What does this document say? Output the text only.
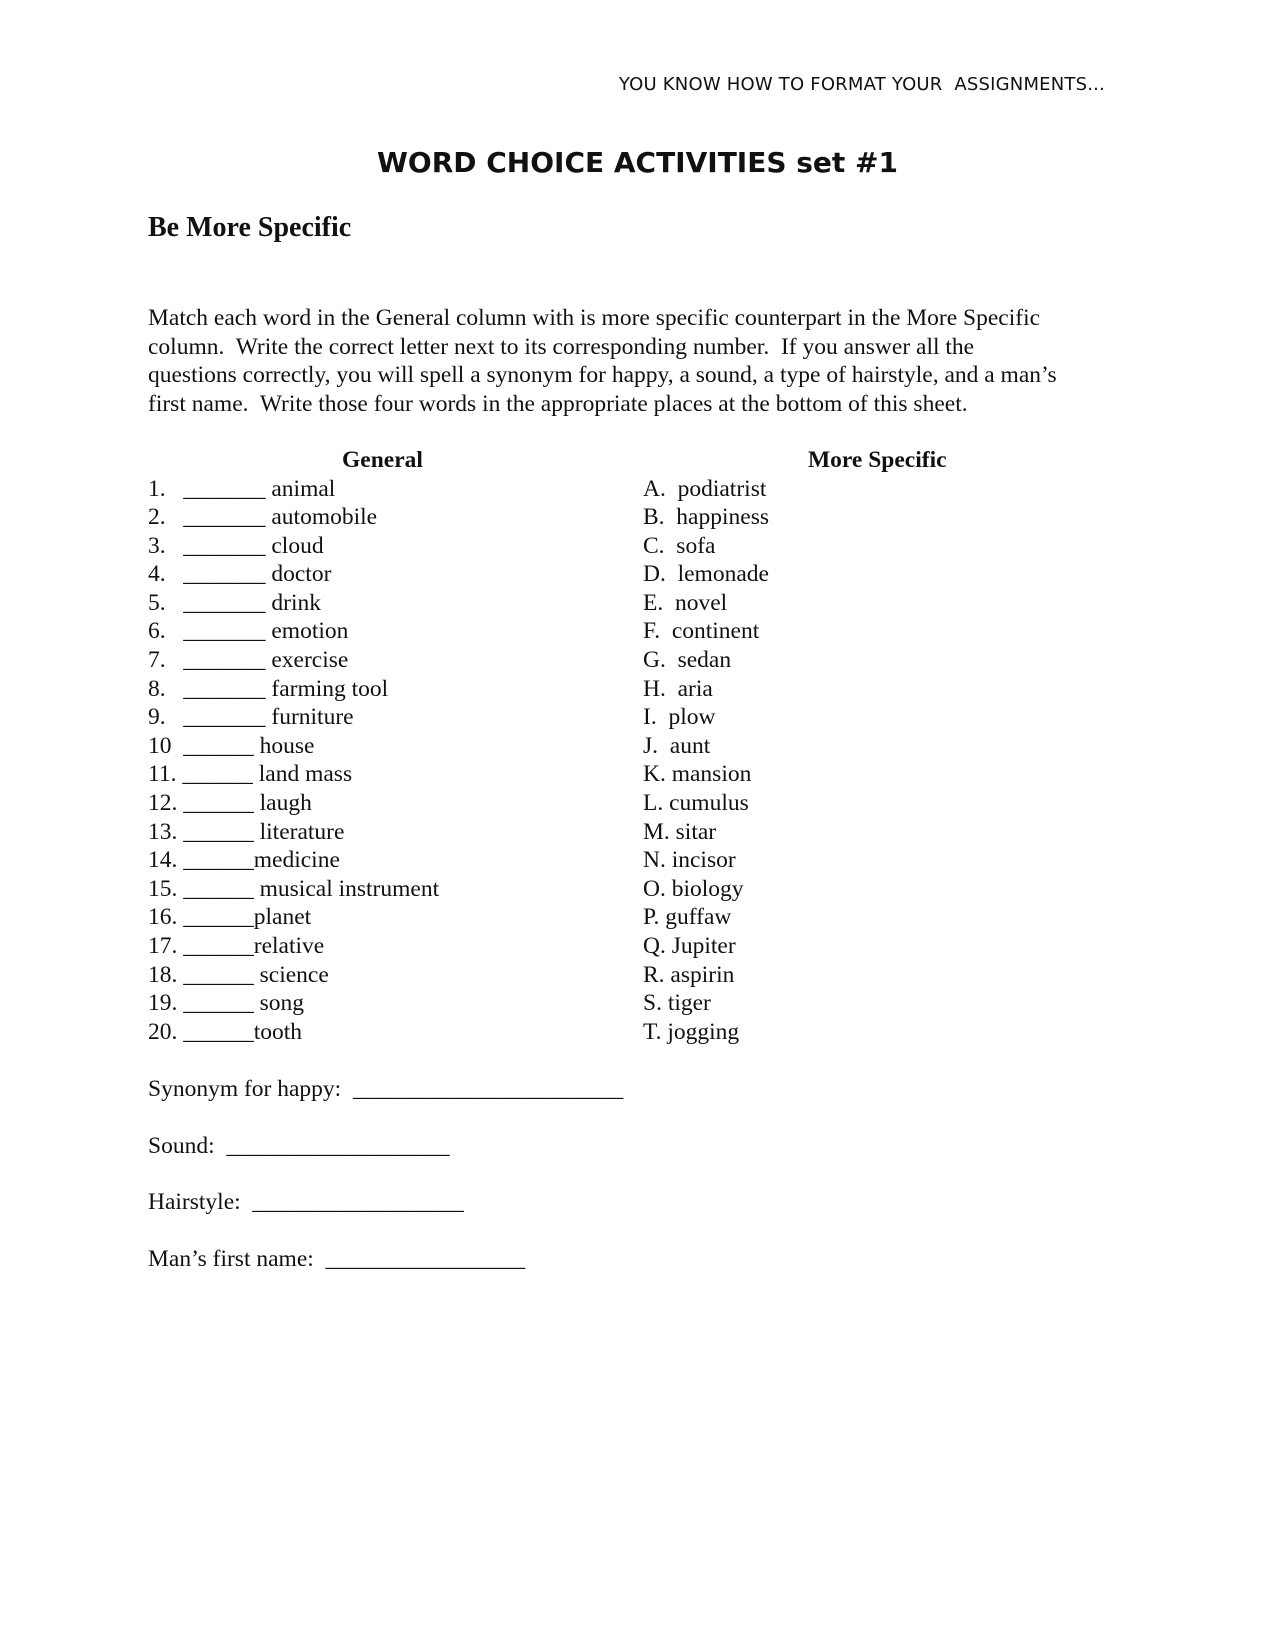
YOU KNOW HOW TO FORMAT YOUR  ASSIGNMENTS...
WORD CHOICE ACTIVITIES set #1
Be More Specific
Match each word in the General column with is more specific counterpart in the More Specific
column.  Write the correct letter next to its corresponding number.  If you answer all the
questions correctly, you will spell a synonym for happy, a sound, a type of hairstyle, and a man’s
first name.  Write those four words in the appropriate places at the bottom of this sheet.
General
1.   _______ animal
2.   _______ automobile
3.   _______ cloud
4.   _______ doctor
5.   _______ drink
6.   _______ emotion
7.   _______ exercise
8.   _______ farming tool
9.   _______ furniture
10  ______ house
11. ______ land mass
12. ______ laugh
13. ______ literature
14. ______medicine
15. ______ musical instrument
16. ______planet
17. ______relative
18. ______ science
19. ______ song
20. ______tooth
More Specific
A.  podiatrist
B.  happiness
C.  sofa
D.  lemonade
E.  novel
F.  continent
G.  sedan
H.  aria
I.  plow
J.  aunt
K. mansion
L. cumulus
M. sitar
N. incisor
O. biology
P. guffaw
Q. Jupiter
R. aspirin
S. tiger
T. jogging
Synonym for happy:  _______________________
Sound:  ___________________
Hairstyle:  __________________
Man’s first name:  _________________
